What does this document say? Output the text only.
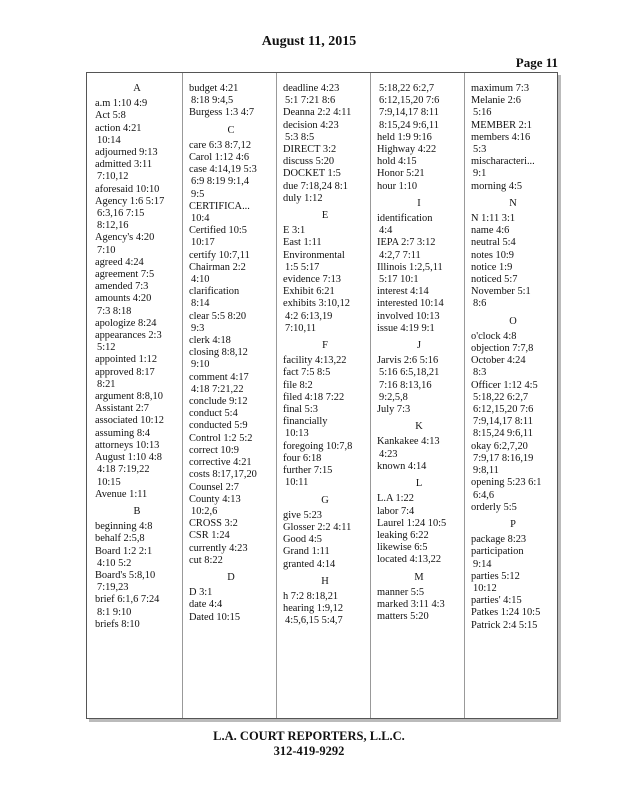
August 11, 2015
Page 11
A
a.m 1:10 4:9
Act 5:8
action 4:21
10:14
adjourned 9:13
admitted 3:11
7:10,12
aforesaid 10:10
Agency 1:6 5:17
6:3,16 7:15
8:12,16
Agency's 4:20
7:10
agreed 4:24
agreement 7:5
amended 7:3
amounts 4:20
7:3 8:18
apologize 8:24
appearances 2:3
5:12
appointed 1:12
approved 8:17
8:21
argument 8:8,10
Assistant 2:7
associated 10:12
assuming 8:4
attorneys 10:13
August 1:10 4:8
4:18 7:19,22
10:15
Avenue 1:11
B
beginning 4:8
behalf 2:5,8
Board 1:2 2:1
4:10 5:2
Board's 5:8,10
7:19,23
brief 6:1,6 7:24
8:1 9:10
briefs 8:10
budget 4:21
8:18 9:4,5
Burgess 1:3 4:7
C
care 6:3 8:7,12
Carol 1:12 4:6
case 4:14,19 5:3
6:9 8:19 9:1,4
9:5
CERTIFICA...
10:4
Certified 10:5
10:17
certify 10:7,11
Chairman 2:2
4:10
clarification
8:14
clear 5:5 8:20
9:3
clerk 4:18
closing 8:8,12
9:10
comment 4:17
4:18 7:21,22
conclude 9:12
conduct 5:4
conducted 5:9
Control 1:2 5:2
correct 10:9
corrective 4:21
costs 8:17,17,20
Counsel 2:7
County 4:13
10:2,6
CROSS 3:2
CSR 1:24
currently 4:23
cut 8:22
D
D 3:1
date 4:4
Dated 10:15
deadline 4:23
5:1 7:21 8:6
Deanna 2:2 4:11
decision 4:23
5:3 8:5
DIRECT 3:2
discuss 5:20
DOCKET 1:5
due 7:18,24 8:1
duly 1:12
E
E 3:1
East 1:11
Environmental
1:5 5:17
evidence 7:13
Exhibit 6:21
exhibits 3:10,12
4:2 6:13,19
7:10,11
F
facility 4:13,22
fact 7:5 8:5
file 8:2
filed 4:18 7:22
final 5:3
financially
10:13
foregoing 10:7,8
four 6:18
further 7:15
10:11
G
give 5:23
Glosser 2:2 4:11
Good 4:5
Grand 1:11
granted 4:14
H
h 7:2 8:18,21
hearing 1:9,12
4:5,6,15 5:4,7
5:18,22 6:2,7
6:12,15,20 7:6
7:9,14,17 8:11
8:15,24 9:6,11
held 1:9 9:16
Highway 4:22
hold 4:15
Honor 5:21
hour 1:10
I
identification
4:4
IEPA 2:7 3:12
4:2,7 7:11
Illinois 1:2,5,11
5:17 10:1
interest 4:14
interested 10:14
involved 10:13
issue 4:19 9:1
J
Jarvis 2:6 5:16
5:16 6:5,18,21
7:16 8:13,16
9:2,5,8
July 7:3
K
Kankakee 4:13
4:23
known 4:14
L
L.A 1:22
labor 7:4
Laurel 1:24 10:5
leaking 6:22
likewise 6:5
located 4:13,22
M
manner 5:5
marked 3:11 4:3
matters 5:20
maximum 7:3
Melanie 2:6
5:16
MEMBER 2:1
members 4:16
5:3
mischaracteri...
9:1
morning 4:5
N
N 1:11 3:1
name 4:6
neutral 5:4
notes 10:9
notice 1:9
noticed 5:7
November 5:1
8:6
O
o'clock 4:8
objection 7:7,8
October 4:24
8:3
Officer 1:12 4:5
5:18,22 6:2,7
6:12,15,20 7:6
7:9,14,17 8:11
8:15,24 9:6,11
okay 6:2,7,20
7:9,17 8:16,19
9:8,11
opening 5:23 6:1
6:4,6
orderly 5:5
P
package 8:23
participation
9:14
parties 5:12
10:12
parties' 4:15
Patkes 1:24 10:5
Patrick 2:4 5:15
L.A. COURT REPORTERS, L.L.C.
312-419-9292
